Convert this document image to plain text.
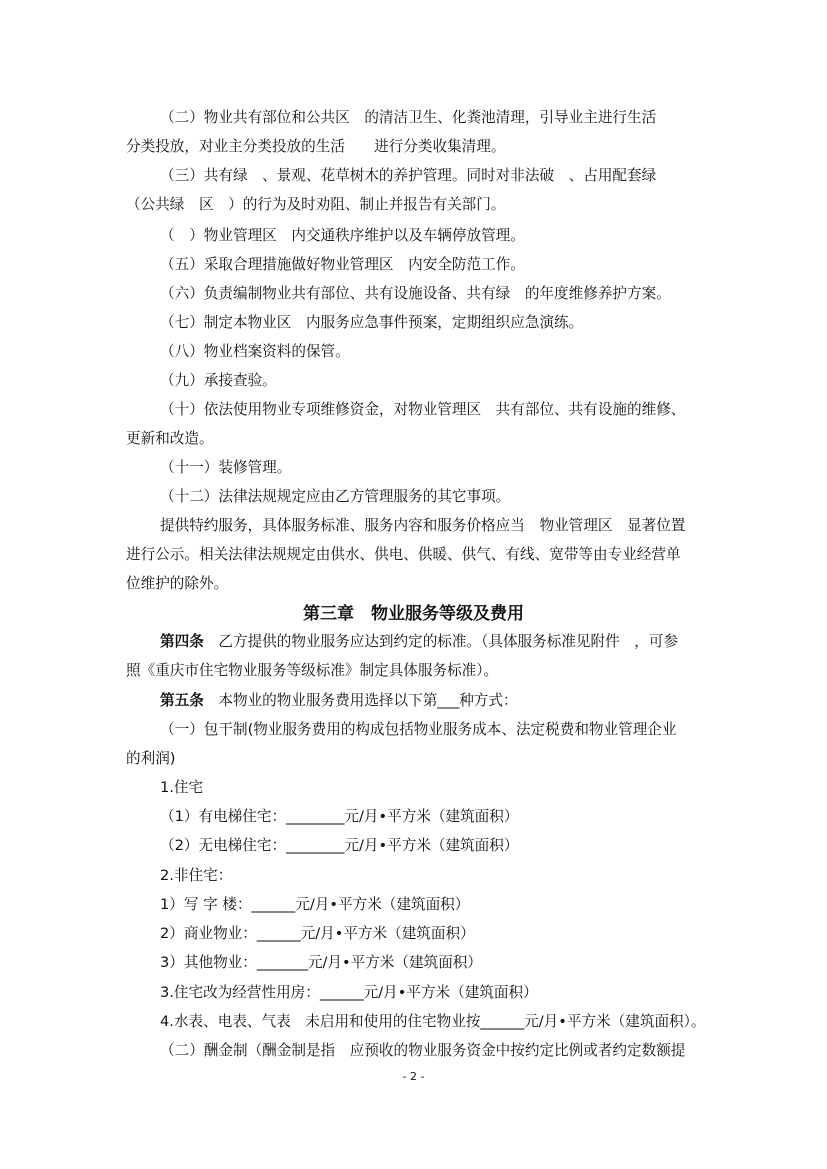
（二）物业共有部位和公共区　的清洁卫生、化粪池清理，引导业主进行生活
分类投放，对业主分类投放的生活　　进行分类收集清理。
（三）共有绿　、景观、花草树木的养护管理。同时对非法破　、占用配套绿
（公共绿　区　）的行为及时劝阻、制止并报告有关部门。
（　）物业管理区　内交通秩序维护以及车辆停放管理。
（五）采取合理措施做好物业管理区　内安全防范工作。
（六）负责编制物业共有部位、共有设施设备、共有绿　的年度维修养护方案。
（七）制定本物业区　内服务应急事件预案，定期组织应急演练。
（八）物业档案资料的保管。
（九）承接查验。
（十）依法使用物业专项维修资金，对物业管理区　共有部位、共有设施的维修、
更新和改造。
（十一）装修管理。
（十二）法律法规规定应由乙方管理服务的其它事项。
提供特约服务，具体服务标准、服务内容和服务价格应当　物业管理区　显著位置
进行公示。相关法律法规规定由供水、供电、供暖、供气、有线、宽带等由专业经营单
位维护的除外。
第三章　物业服务等级及费用
第四条　乙方提供的物业服务应达到约定的标准。（具体服务标准见附件　，可参
照《重庆市住宅物业服务等级标准》制定具体服务标准）。
第五条　本物业的物业服务费用选择以下第___种方式：
（一）包干制(物业服务费用的构成包括物业服务成本、法定税费和物业管理企业
的利润)
1.住宅
（1）有电梯住宅：________元/月•平方米（建筑面积）
（2）无电梯住宅：________元/月•平方米（建筑面积）
2.非住宅：
1）写 字 楼：______元/月•平方米（建筑面积）
2）商业物业：______元/月•平方米（建筑面积）
3）其他物业：_______元/月•平方米（建筑面积）
3.住宅改为经营性用房：______元/月•平方米（建筑面积）
4.水表、电表、气表　未启用和使用的住宅物业按______元/月•平方米（建筑面积）。
（二）酬金制（酬金制是指　应预收的物业服务资金中按约定比例或者约定数额提
- 2 -
